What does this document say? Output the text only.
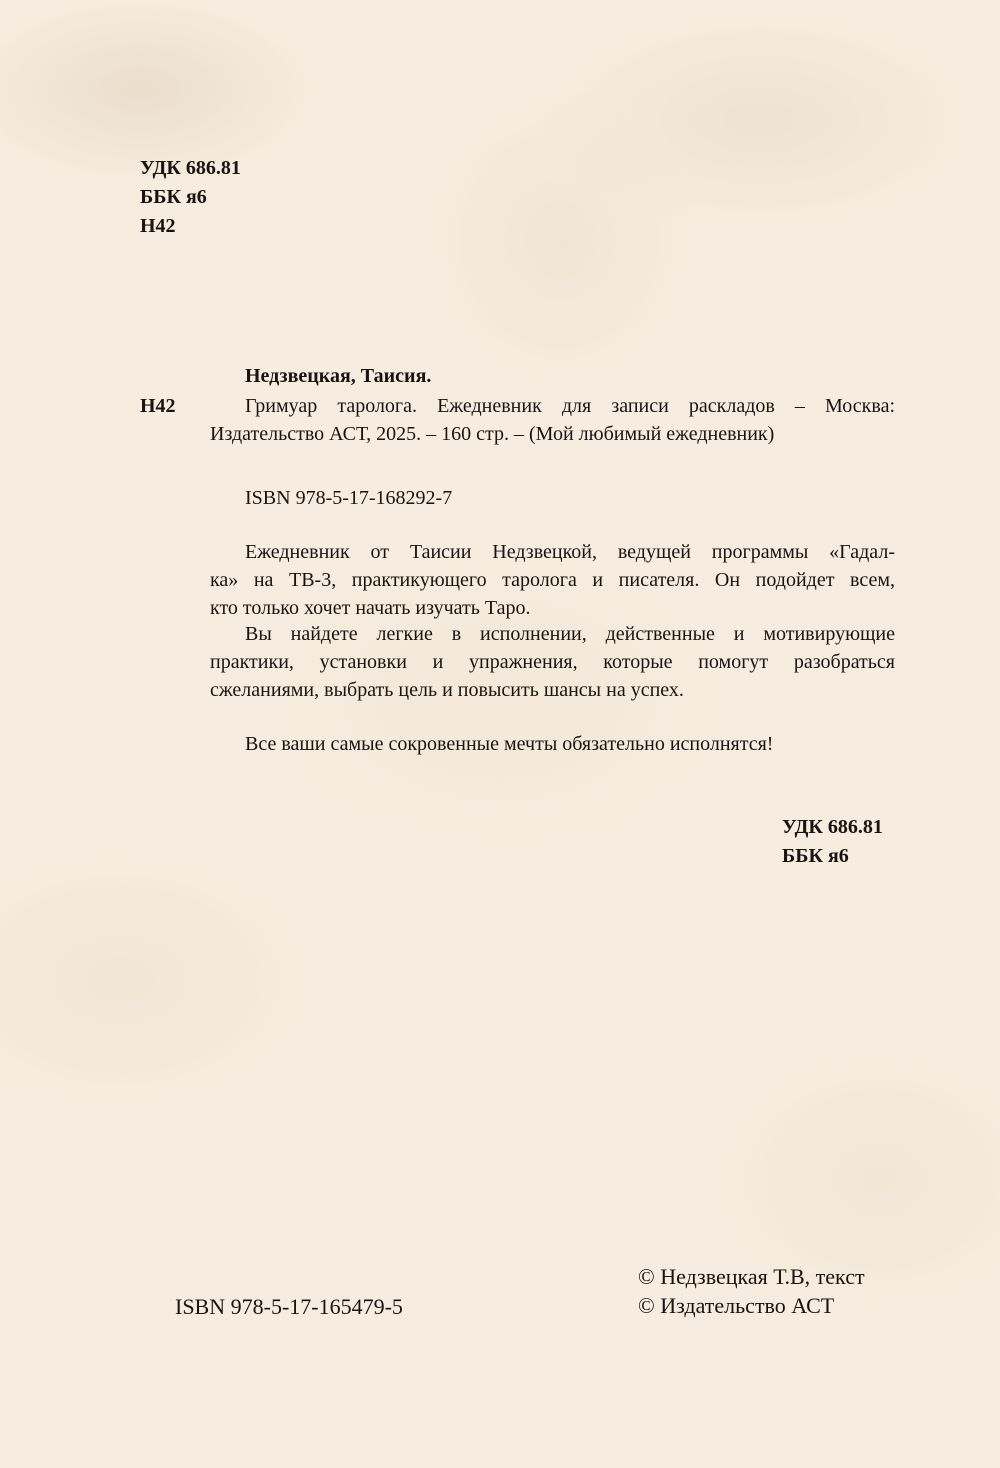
УДК 686.81
ББК я6
Н42
Недзвецкая, Таисия.
Н42	Гримуар таролога. Ежедневник для записи раскладов – Москва:
Издательство АСТ, 2025. – 160 стр. – (Мой любимый ежедневник)
ISBN 978-5-17-168292-7
Ежедневник от Таисии Недзвецкой, ведущей программы «Гадал-
ка» на ТВ-3, практикующего таролога и писателя. Он подойдет всем,
кто только хочет начать изучать Таро.
Вы найдете легкие в исполнении, действенные и мотивирующие
практики, установки и упражнения, которые помогут разобраться
сжеланиями, выбрать цель и повысить шансы на успех.
Все ваши самые сокровенные мечты обязательно исполнятся!
УДК 686.81
ББК я6
ISBN 978-5-17-165479-5
© Недзвецкая Т.В, текст
© Издательство АСТ
